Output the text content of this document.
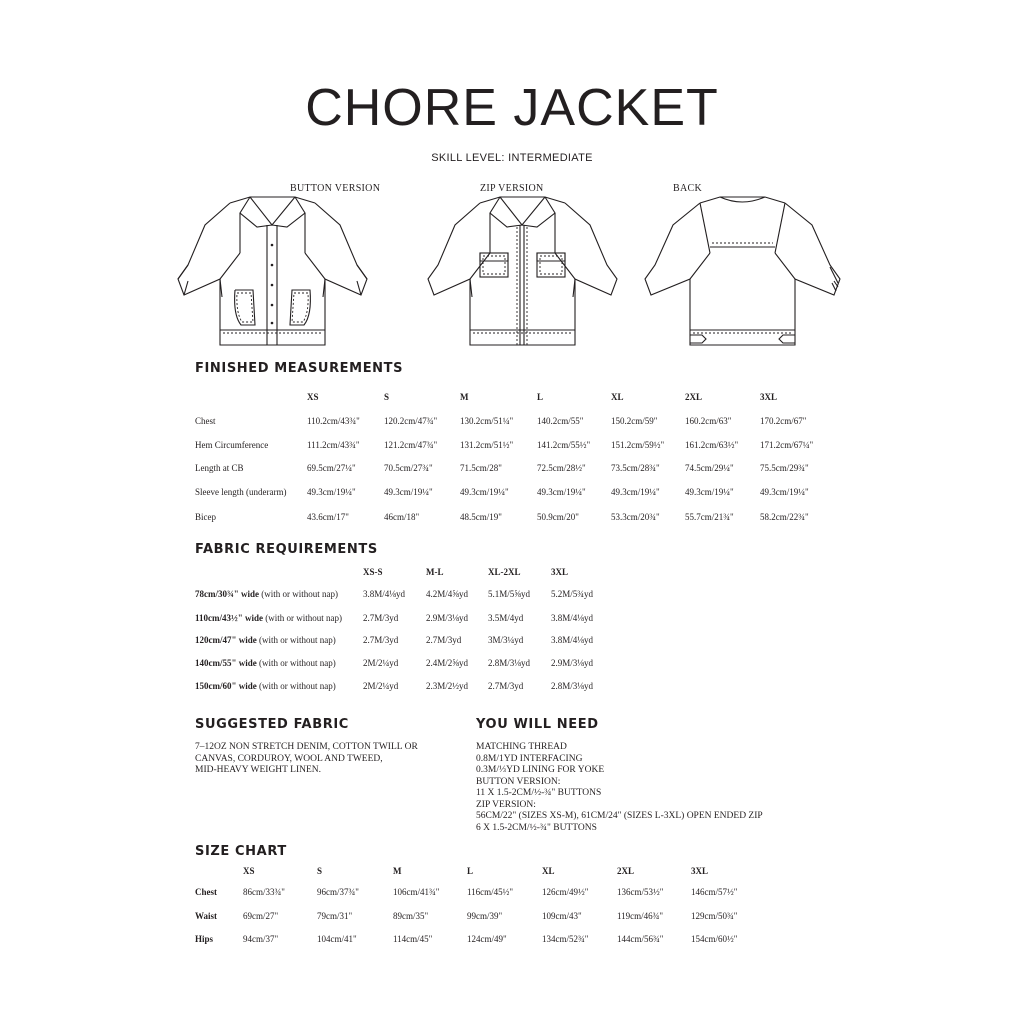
CHORE JACKET
SKILL LEVEL: INTERMEDIATE
BUTTON VERSION	ZIP VERSION	BACK
FINISHED MEASUREMENTS
XS	S	M	L	XL	2XL	3XL
Chest	110.2cm/43¾"	120.2cm/47¾"	130.2cm/51¼"	140.2cm/55"	150.2cm/59"	160.2cm/63"	170.2cm/67"
Hem Circumference	111.2cm/43¾"	121.2cm/47¾"	131.2cm/51½"	141.2cm/55½" 151.2cm/59½" 161.2cm/63½" 171.2cm/67¼"
Length at CB	69.5cm/27¼"	70.5cm/27¾"	71.5cm/28"	72.5cm/28½"	73.5cm/28¾"	74.5cm/29¼"	75.5cm/29¾"
Sleeve length (underarm) 49.3cm/19¼"	49.3cm/19¼"	49.3cm/19¼"	49.3cm/19¼"	49.3cm/19¼"	49.3cm/19¼"	49.3cm/19¼"
Bicep	43.6cm/17"	46cm/18"	48.5cm/19"	50.9cm/20"	53.3cm/20¾"	55.7cm/21¾"	58.2cm/22¾"
FABRIC REQUIREMENTS
XS-S	M-L	XL-2XL	3XL
78cm/30¾" wide (with or without nap)	3.8M/4⅛yd 4.2M/4⅝yd 5.1M/5⅝yd 5.2M/5¾yd
110cm/43½" wide (with or without nap) 2.7M/3yd	2.9M/3⅛yd 3.5M/4yd	3.8M/4⅛yd
120cm/47" wide (with or without nap)	2.7M/3yd	2.7M/3yd	3M/3¼yd	3.8M/4⅛yd
140cm/55" wide (with or without nap)	2M/2¼yd	2.4M/2⅝yd 2.8M/3⅛yd 2.9M/3⅛yd
150cm/60" wide (with or without nap)	2M/2¼yd	2.3M/2½yd 2.7M/3yd	2.8M/3⅛yd
SUGGESTED FABRIC
7–12OZ NON STRETCH DENIM, COTTON TWILL OR
CANVAS, CORDUROY, WOOL AND TWEED,
MID-HEAVY WEIGHT LINEN.
YOU WILL NEED
MATCHING THREAD
0.8M/1YD INTERFACING
0.3M/⅓YD LINING FOR YOKE
BUTTON VERSION:
11 X 1.5-2CM/½-¾" BUTTONS
ZIP VERSION:
56CM/22" (SIZES XS-M), 61CM/24" (SIZES L-3XL) OPEN ENDED ZIP
6 X 1.5-2CM/½-¾" BUTTONS
SIZE CHART
XS	S	M	L	XL	2XL	3XL
Chest	86cm/33¾"	96cm/37¾"	106cm/41¾"	116cm/45½"	126cm/49½"	136cm/53½"	146cm/57½"
Waist	69cm/27"	79cm/31"	89cm/35"	99cm/39"	109cm/43"	119cm/46¾"	129cm/50¾"
Hips	94cm/37"	104cm/41"	114cm/45"	124cm/49"	134cm/52¾"	144cm/56¾"	154cm/60½"
